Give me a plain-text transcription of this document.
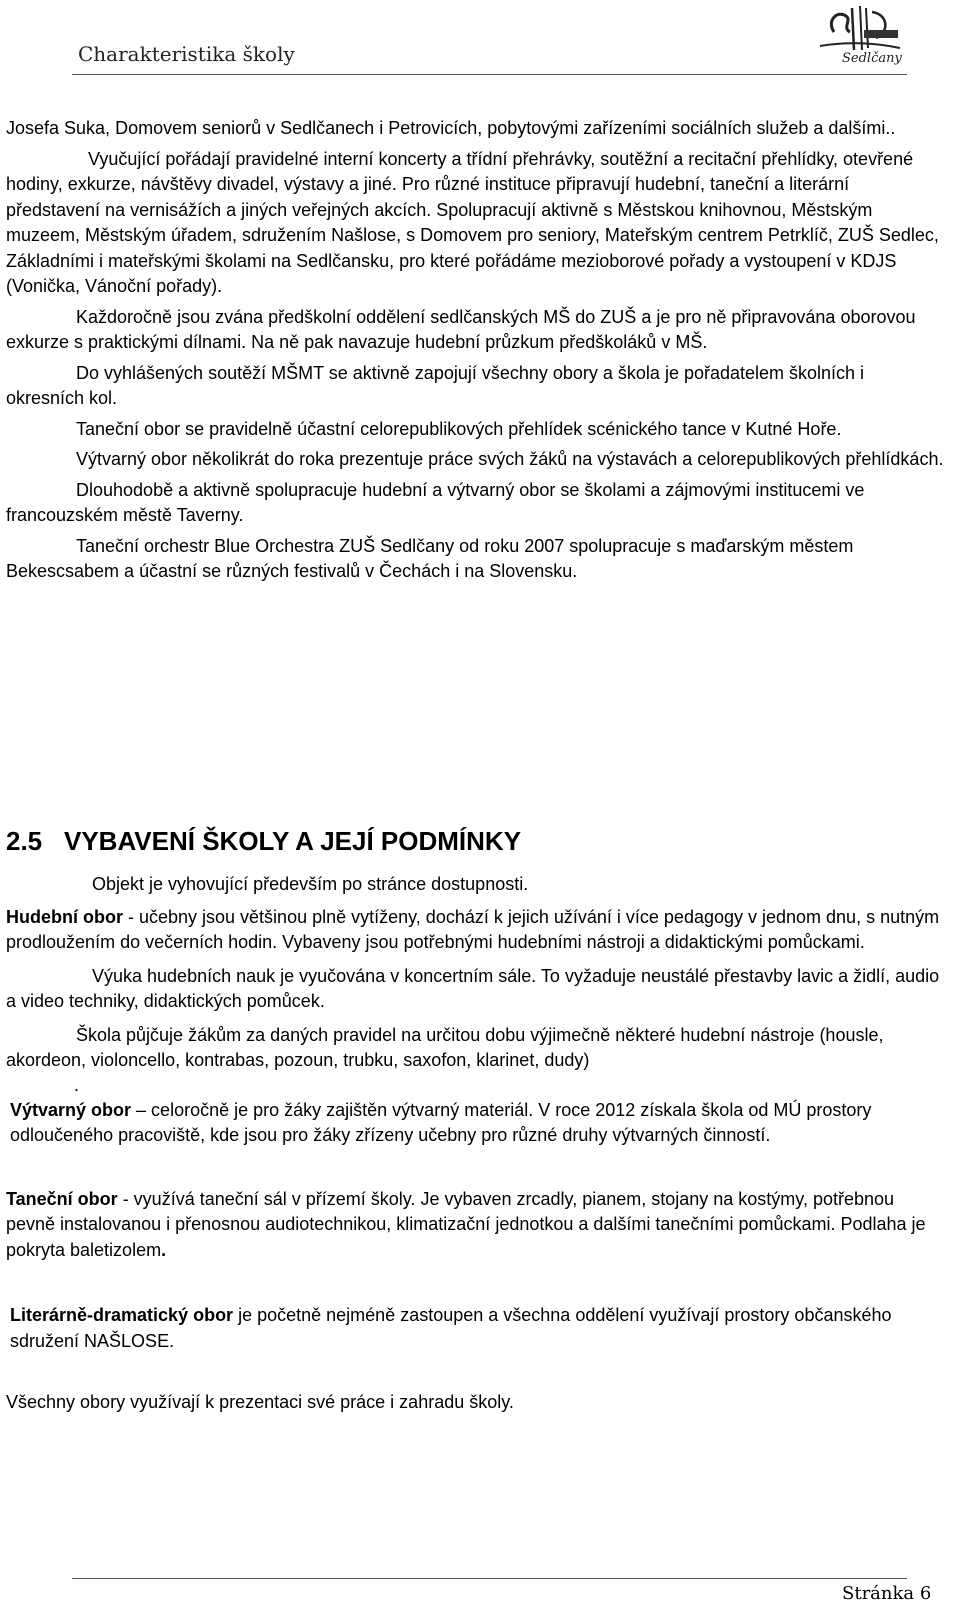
Charakteristika školy	Sedlčany

Josefa Suka, Domovem seniorů v Sedlčanech i Petrovicích, pobytovými zařízeními sociálních služeb a dalšími..

Vyučující pořádají pravidelné interní koncerty a třídní přehrávky, soutěžní a recitační přehlídky, otevřené hodiny, exkurze, návštěvy divadel, výstavy a jiné. Pro různé instituce připravují hudební, taneční a literární představení na vernisážích a jiných veřejných akcích. Spolupracují aktivně s Městskou knihovnou, Městským muzeem, Městským úřadem, sdružením Našlose, s Domovem pro seniory, Mateřským centrem Petrklíč, ZUŠ Sedlec, Základními i mateřskými školami na Sedlčansku, pro které pořádáme mezioborové pořady a vystoupení v KDJS (Vonička, Vánoční pořady).

Každoročně jsou zvána předškolní oddělení sedlčanských MŠ do ZUŠ a je pro ně připravována oborovou exkurze s praktickými dílnami. Na ně pak navazuje hudební průzkum předškoláků v MŠ.

Do vyhlášených soutěží MŠMT se aktivně zapojují všechny obory a škola je pořadatelem školních i okresních kol.

Taneční obor se pravidelně účastní celorepublikových přehlídek scénického tance v Kutné Hoře.

Výtvarný obor několikrát do roka prezentuje práce svých žáků na výstavách a celorepublikových přehlídkách.

Dlouhodobě a aktivně spolupracuje hudební a výtvarný obor se školami a zájmovými institucemi ve francouzském městě Taverny.

Taneční orchestr Blue Orchestra ZUŠ Sedlčany od roku 2007 spolupracuje s maďarským městem Bekescsabem a účastní se různých festivalů v Čechách i na Slovensku.

2.5 VYBAVENÍ ŠKOLY A JEJÍ PODMÍNKY

Objekt je vyhovující především po stránce dostupnosti.

Hudební obor - učebny jsou většinou plně vytíženy, dochází k jejich užívání i více pedagogy v jednom dnu, s nutným prodloužením do večerních hodin. Vybaveny jsou potřebnými hudebními nástroji a didaktickými pomůckami.

Výuka hudebních nauk je vyučována v koncertním sále. To vyžaduje neustálé přestavby lavic a židlí, audio a video techniky, didaktických pomůcek.

Škola půjčuje žákům za daných pravidel na určitou dobu výjimečně některé hudební nástroje (housle, akordeon, violoncello, kontrabas, pozoun, trubku, saxofon, klarinet, dudy)

.

Výtvarný obor – celoročně je pro žáky zajištěn výtvarný materiál. V roce 2012 získala škola od MÚ prostory odloučeného pracoviště, kde jsou pro žáky zřízeny učebny pro různé druhy výtvarných činností.

Taneční obor - využívá taneční sál v přízemí školy. Je vybaven zrcadly, pianem, stojany na kostýmy, potřebnou pevně instalovanou i přenosnou audiotechnikou, klimatizační jednotkou a dalšími tanečními pomůckami. Podlaha je pokryta baletizolem.

Literárně-dramatický obor je početně nejméně zastoupen a všechna oddělení využívají prostory občanského sdružení NAŠLOSE.

Všechny obory využívají k prezentaci své práce i zahradu školy.

Stránka 6
